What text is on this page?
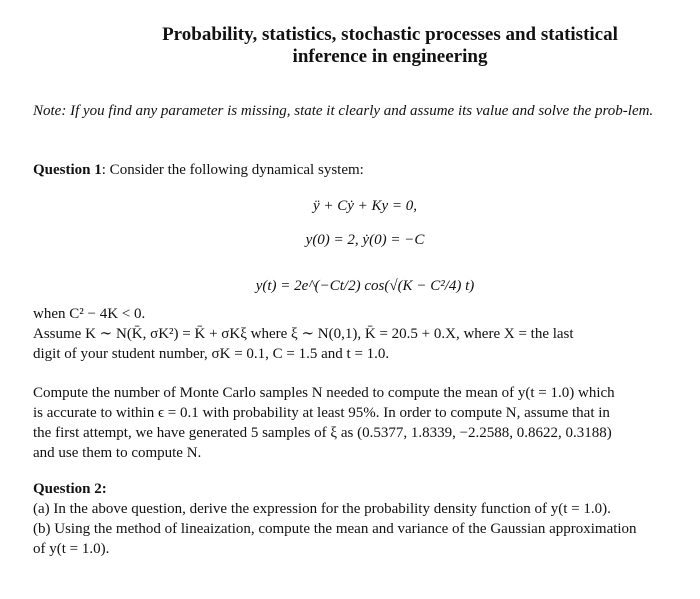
Probability, statistics, stochastic processes and statistical
inference in engineering
Note: If you find any parameter is missing, state it clearly and assume its value and solve the prob-lem.
Question 1: Consider the following dynamical system:
ÿ + Cẏ + Ky = 0,
y(0) = 2, ẏ(0) = −C
y(t) = 2e^(−Ct/2) cos(√(K − C²/4) t)
when C² − 4K < 0.
Assume K ∼ N(K̄, σK²) = K̄ + σKξ where ξ ∼ N(0,1), K̄ = 20.5 + 0.X, where X = the last
digit of your student number, σK = 0.1, C = 1.5 and t = 1.0.
Compute the number of Monte Carlo samples N needed to compute the mean of y(t = 1.0) which
is accurate to within ϵ = 0.1 with probability at least 95%. In order to compute N, assume that in
the first attempt, we have generated 5 samples of ξ as (0.5377, 1.8339, −2.2588, 0.8622, 0.3188)
and use them to compute N.
Question 2:
(a) In the above question, derive the expression for the probability density function of y(t = 1.0).
(b) Using the method of lineaization, compute the mean and variance of the Gaussian approximation
of y(t = 1.0).
